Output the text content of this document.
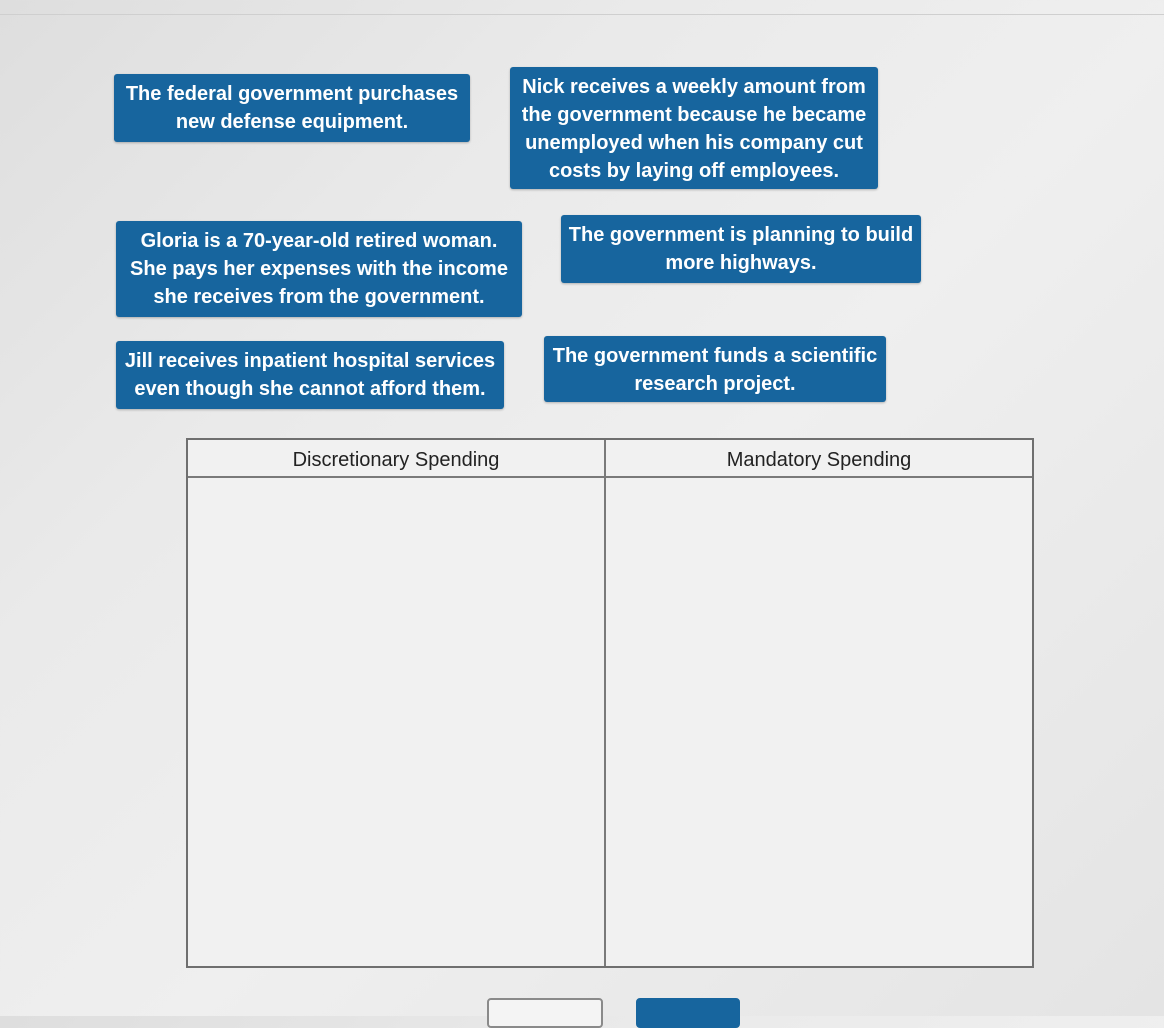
The federal government purchases
new defense equipment.
Nick receives a weekly amount from
the government because he became
unemployed when his company cut
costs by laying off employees.
Gloria is a 70-year-old retired woman.
She pays her expenses with the income
she receives from the government.
The government is planning to build
more highways.
Jill receives inpatient hospital services
even though she cannot afford them.
The government funds a scientific
research project.
Discretionary Spending	Mandatory Spending
